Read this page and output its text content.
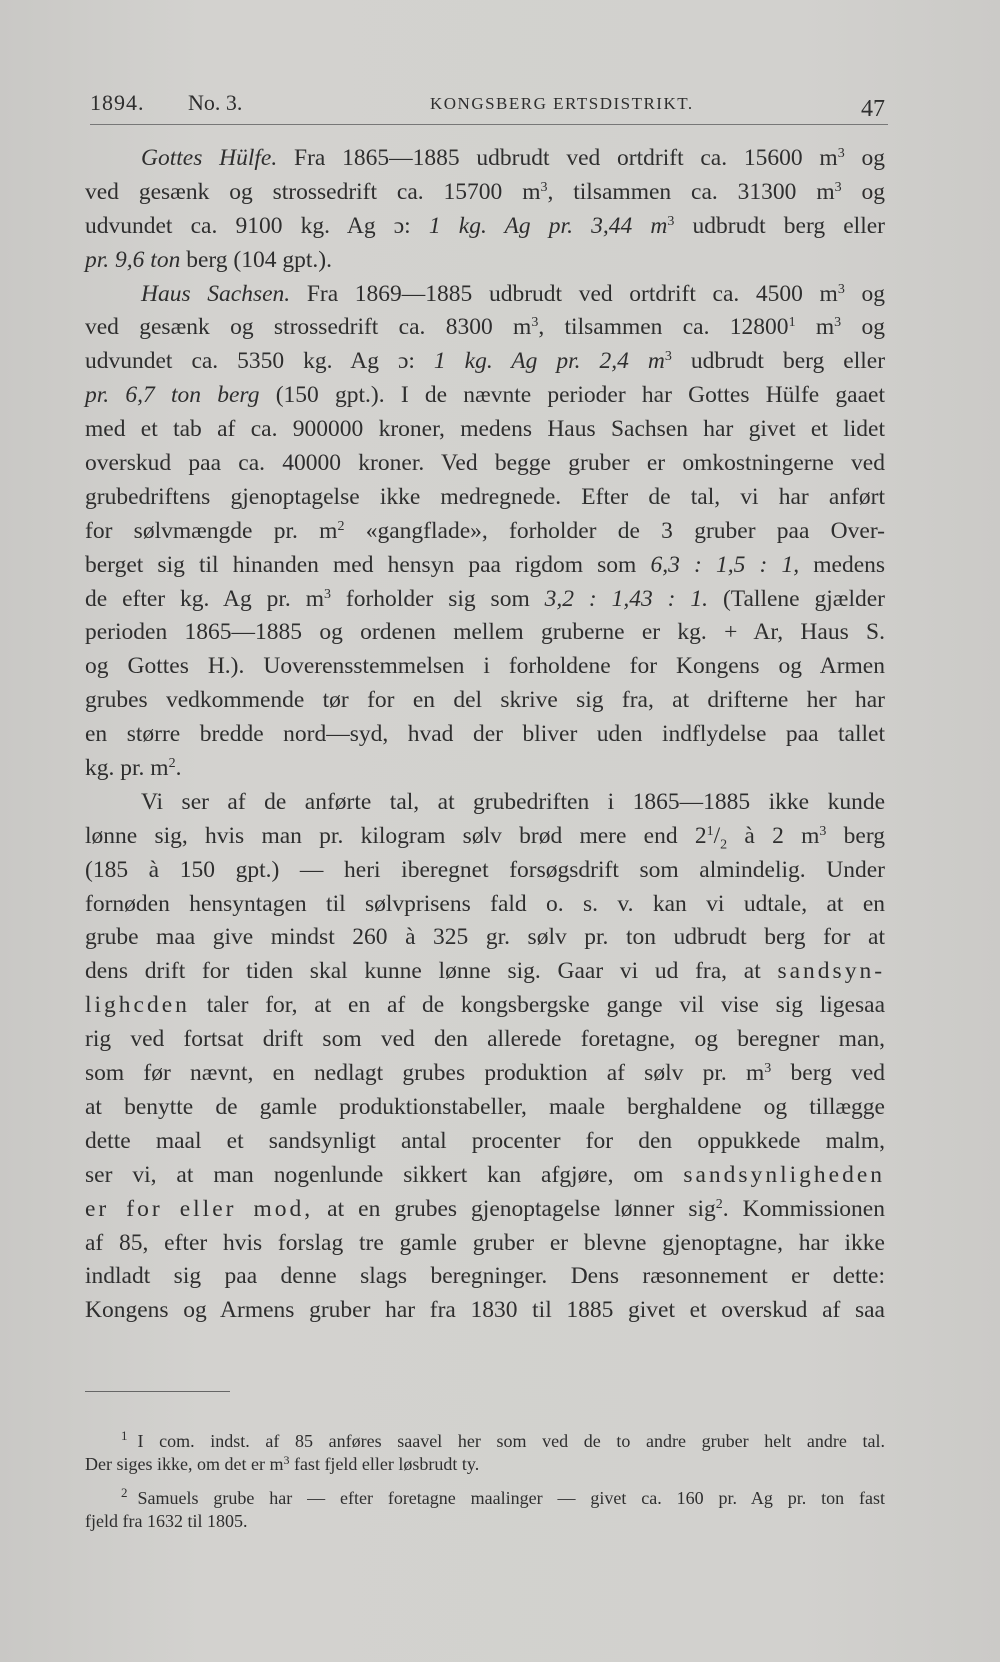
1894. No. 3.	KONGSBERG ERTSDISTRIKT.	47
Gottes Hülfe. Fra 1865—1885 udbrudt ved ortdrift ca. 15600 $m^3$ og
ved gesænk og strossedrift ca. 15700 $m^3$, tilsammen ca. 31300 $m^3$ og
udvundet ca. 9100 kg. Ag ɔ: 1 kg. Ag pr. 3,44 $m^3$ udbrudt berg eller
pr. 9,6 ton berg (104 gpt.).
Haus Sachsen. Fra 1869—1885 udbrudt ved ortdrift ca. 4500 $m^3$ og
ved gesænk og strossedrift ca. 8300 $m^3$, tilsammen ca. 12800$^1$ $m^3$ og
udvundet ca. 5350 kg. Ag ɔ: 1 kg. Ag pr. 2,4 $m^3$ udbrudt berg eller
pr. 6,7 ton berg (150 gpt.). I de nævnte perioder har Gottes Hülfe gaaet
med et tab af ca. 900000 kroner, medens Haus Sachsen har givet et lidet
overskud paa ca. 40000 kroner. Ved begge gruber er omkostningerne ved
grubedriftens gjenoptagelse ikke medregnede. Efter de tal, vi har anført
for sølvmængde pr. $m^2$ «gangflade», forholder de 3 gruber paa Over-
berget sig til hinanden med hensyn paa rigdom som 6,3 : 1,5 : 1, medens
de efter kg. Ag pr. $m^3$ forholder sig som 3,2 : 1,43 : 1. (Tallene gjælder
perioden 1865—1885 og ordenen mellem gruberne er kg. + Ar, Haus S.
og Gottes H.). Uoverensstemmelsen i forholdene for Kongens og Armen
grubes vedkommende tør for en del skrive sig fra, at drifterne her har
en større bredde nord—syd, hvad der bliver uden indflydelse paa tallet
kg. pr. $m^2$.
Vi ser af de anførte tal, at grubedriften i 1865—1885 ikke kunde
lønne sig, hvis man pr. kilogram sølv brød mere end $2^1/_2$ à 2 $m^3$ berg
(185 à 150 gpt.) — heri iberegnet forsøgsdrift som almindelig. Under
fornøden hensyntagen til sølvprisens fald o. s. v. kan vi udtale, at en
grube maa give mindst 260 à 325 gr. sølv pr. ton udbrudt berg for at
dens drift for tiden skal kunne lønne sig. Gaar vi ud fra, at sandsyn-
lighcden taler for, at en af de kongsbergske gange vil vise sig ligesaa
rig ved fortsat drift som ved den allerede foretagne, og beregner man,
som før nævnt, en nedlagt grubes produktion af sølv pr. $m^3$ berg ved
at benytte de gamle produktionstabeller, maale berghaldene og tillægge
dette maal et sandsynligt antal procenter for den oppukkede malm,
ser vi, at man nogenlunde sikkert kan afgjøre, om sandsynligheden
er for eller mod, at en grubes gjenoptagelse lønner sig$^2$. Kommissionen
af 85, efter hvis forslag tre gamle gruber er blevne gjenoptagne, har ikke
indladt sig paa denne slags beregninger. Dens ræsonnement er dette:
Kongens og Armens gruber har fra 1830 til 1885 givet et overskud af saa
$^1$ I com. indst. af 85 anføres saavel her som ved de to andre gruber helt andre tal.
Der siges ikke, om det er $m^3$ fast fjeld eller løsbrudt ty.
$^2$ Samuels grube har — efter foretagne maalinger — givet ca. 160 pr. Ag pr. ton fast
fjeld fra 1632 til 1805.
